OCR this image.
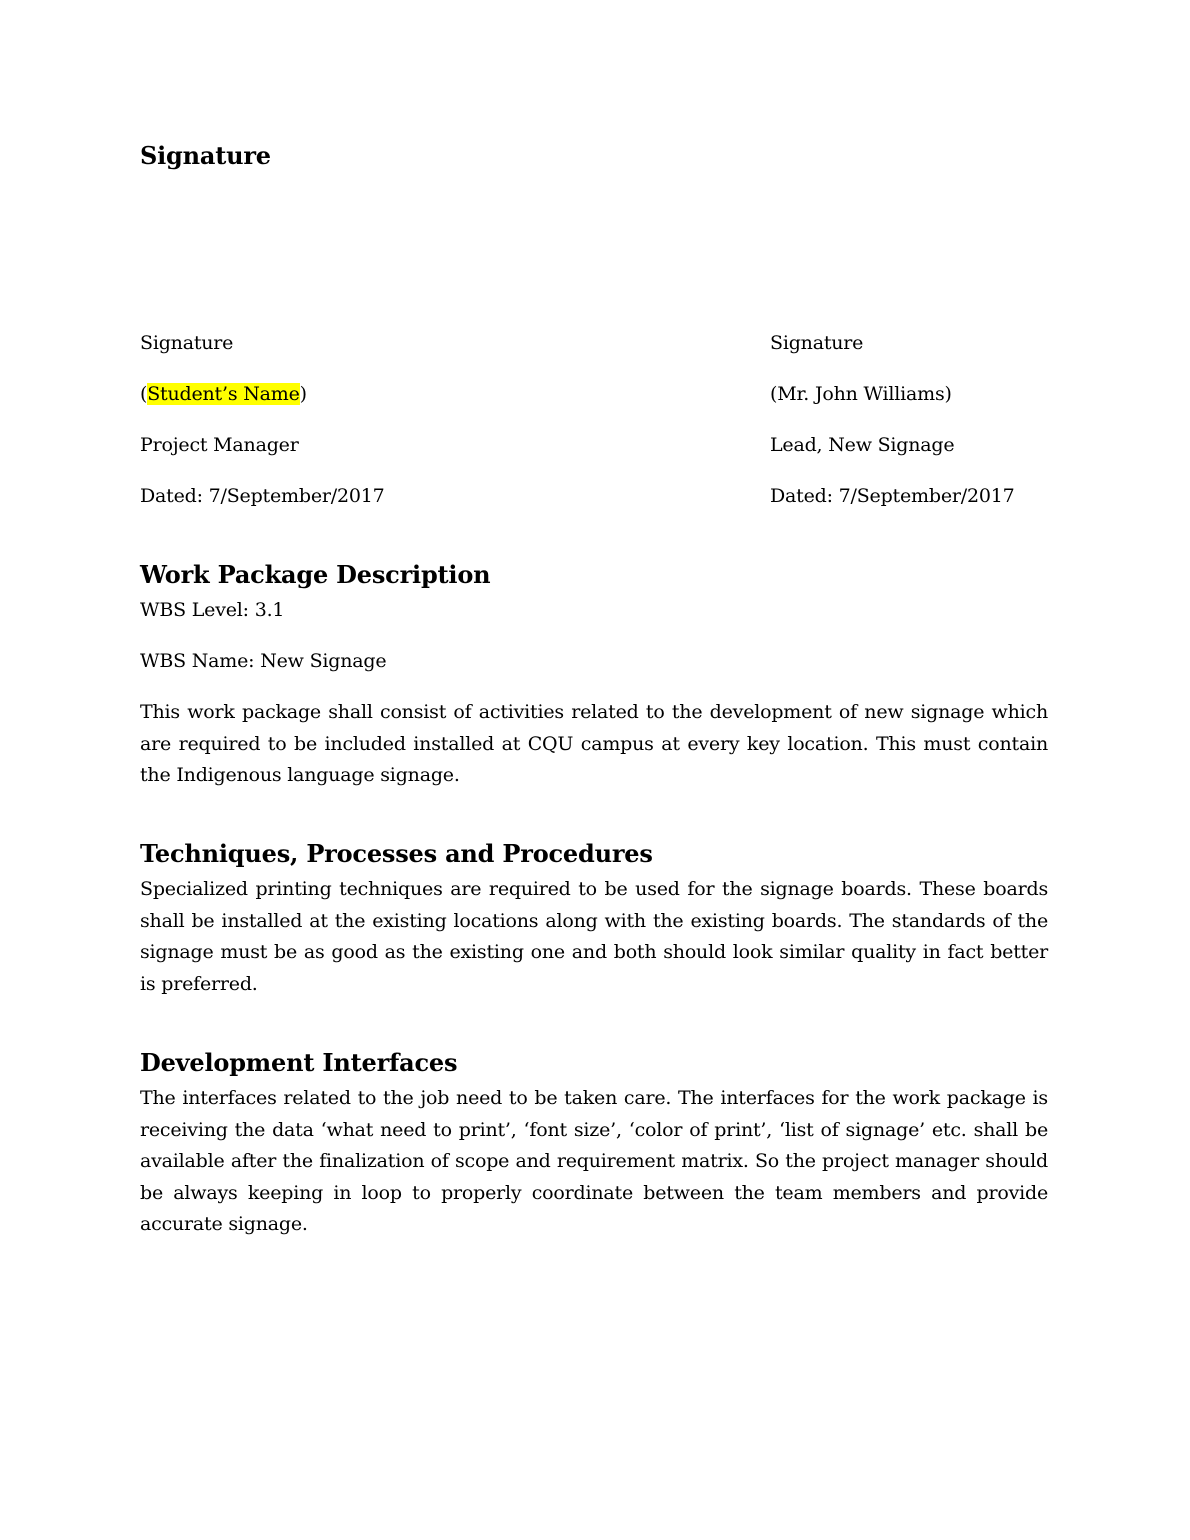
Signature

Signature

(Student’s Name)

Project Manager

Dated: 7/September/2017

Signature

(Mr. John Williams)

Lead, New Signage

Dated: 7/September/2017

Work Package Description

WBS Level: 3.1

WBS Name: New Signage

This work package shall consist of activities related to the development of new signage which are required to be included installed at CQU campus at every key location. This must contain the Indigenous language signage.

Techniques, Processes and Procedures

Specialized printing techniques are required to be used for the signage boards. These boards shall be installed at the existing locations along with the existing boards. The standards of the signage must be as good as the existing one and both should look similar quality in fact better is preferred.

Development Interfaces

The interfaces related to the job need to be taken care. The interfaces for the work package is receiving the data ‘what need to print’, ‘font size’, ‘color of print’, ‘list of signage’ etc. shall be available after the finalization of scope and requirement matrix. So the project manager should be always keeping in loop to properly coordinate between the team members and provide accurate signage.
